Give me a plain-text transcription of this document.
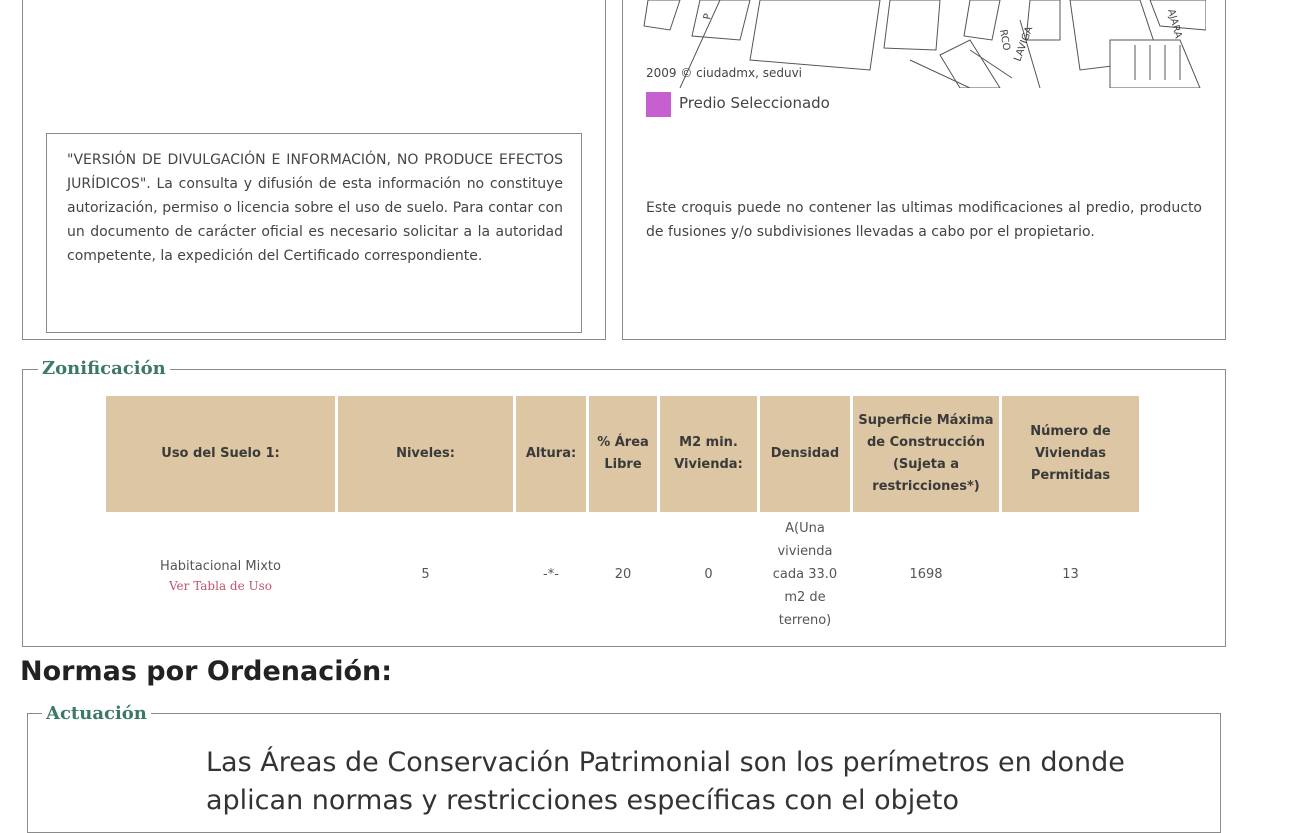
"VERSIÓN DE DIVULGACIÓN E INFORMACIÓN, NO PRODUCE EFECTOS JURÍDICOS". La consulta y difusión de esta información no constituye autorización, permiso o licencia sobre el uso de suelo. Para contar con un documento de carácter oficial es necesario solicitar a la autoridad competente, la expedición del Certificado correspondiente.
P
RCO LAVIGA
AJARA
2009 © ciudadmx, seduvi
Predio Seleccionado
Este croquis puede no contener las ultimas modificaciones al predio, producto de fusiones y/o subdivisiones llevadas a cabo por el propietario.
Zonificación
Uso del Suelo 1:	Niveles:	Altura:	% Área Libre	M2 min. Vivienda:	Densidad	Superficie Máxima de Construcción (Sujeta a restricciones*)	Número de Viviendas Permitidas
Habitacional Mixto
Ver Tabla de Uso	5	-*-	20	0	A(Una vivienda cada 33.0 m2 de terreno)	1698	13
Normas por Ordenación:
Actuación
Las Áreas de Conservación Patrimonial son los perímetros en donde aplican normas y restricciones específicas con el objeto
